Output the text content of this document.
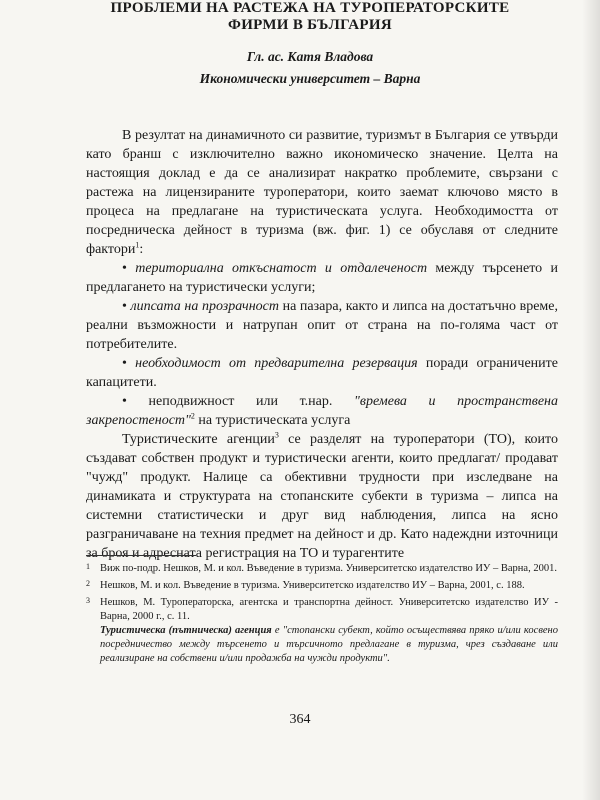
ПРОБЛЕМИ НА РАСТЕЖА НА ТУРОПЕРАТОРСКИТЕ
ФИРМИ В БЪЛГАРИЯ
Гл. ас. Катя Владова
Икономически университет – Варна

В резултат на динамичното си развитие, туризмът в България се утвърди като бранш с изключително важно икономическо значение. Целта на настоящия доклад е да се анализират накратко проблемите, свързани с растежа на лицензираните туроператори, които заемат ключово място в процеса на предлагане на туристическата услуга. Необходимостта от посредническа дейност в туризма (вж. фиг. 1) се обуславя от следните фактори$^1$:

• териториална откъснатост и отдалеченост между търсенето и предлагането на туристически услуги;

• липсата на прозрачност на пазара, както и липса на достатъчно време, реални възможности и натрупан опит от страна на по-голяма част от потребителите.

• необходимост от предварителна резервация поради ограничените капацитети.

• неподвижност или т.нар. "времева и пространствена закрепостеност"$^2$ на туристическата услуга

Туристическите агенции$^3$ се разделят на туроператори (ТО), които създават собствен продукт и туристически агенти, които предлагат/ продават "чужд" продукт. Налице са обективни трудности при изследване на динамиката и структурата на стопанските субекти в туризма – липса на системни статистически и друг вид наблюдения, липса на ясно разграничаване на техния предмет на дейност и др. Като надеждни източници за броя и адресната регистрация на ТО и турагентите

1 Виж по-подр. Нешков, М. и кол. Въведение в туризма. Университетско издателство ИУ – Варна, 2001.
2 Нешков, М. и кол. Въведение в туризма. Университетско издателство ИУ – Варна, 2001, с. 188.
3 Нешков, М. Туроператорска, агентска и транспортна дейност. Университетско издателство ИУ - Варна, 2000 г., с. 11.
Туристическа (пътническа) агенция е "стопански субект, който осъществява пряко и/или косвено посредничество между търсенето и търсичното предлагане в туризма, чрез създаване или реализиране на собствени и/или продажба на чужди продукти".
364
